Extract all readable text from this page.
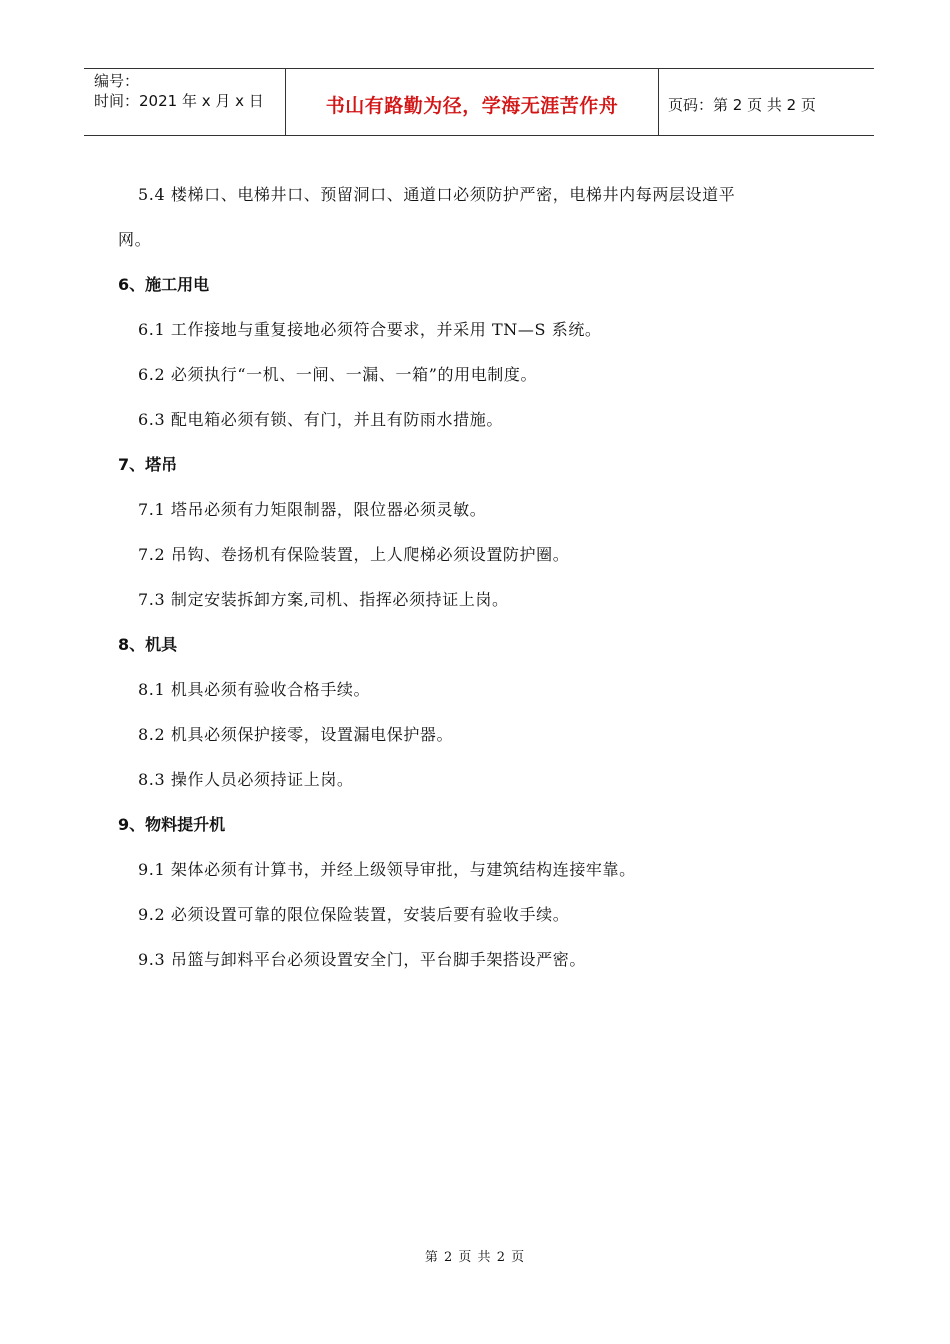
编号：
时间：2021 年 x 月 x 日	书山有路勤为径，学海无涯苦作舟	页码：第 2 页 共 2 页

5.4 楼梯口、电梯井口、预留洞口、通道口必须防护严密，电梯井内每两层设道平
网。

6、施工用电

6.1 工作接地与重复接地必须符合要求，并采用 TN—S 系统。

6.2 必须执行“一机、一闸、一漏、一箱”的用电制度。

6.3 配电箱必须有锁、有门，并且有防雨水措施。

7、塔吊

7.1 塔吊必须有力矩限制器，限位器必须灵敏。

7.2 吊钩、卷扬机有保险装置，上人爬梯必须设置防护圈。

7.3 制定安装拆卸方案,司机、指挥必须持证上岗。

8、机具

8.1 机具必须有验收合格手续。

8.2 机具必须保护接零，设置漏电保护器。

8.3 操作人员必须持证上岗。

9、物料提升机

9.1 架体必须有计算书，并经上级领导审批，与建筑结构连接牢靠。

9.2 必须设置可靠的限位保险装置，安装后要有验收手续。

9.3 吊篮与卸料平台必须设置安全门，平台脚手架搭设严密。

第 2 页 共 2 页
